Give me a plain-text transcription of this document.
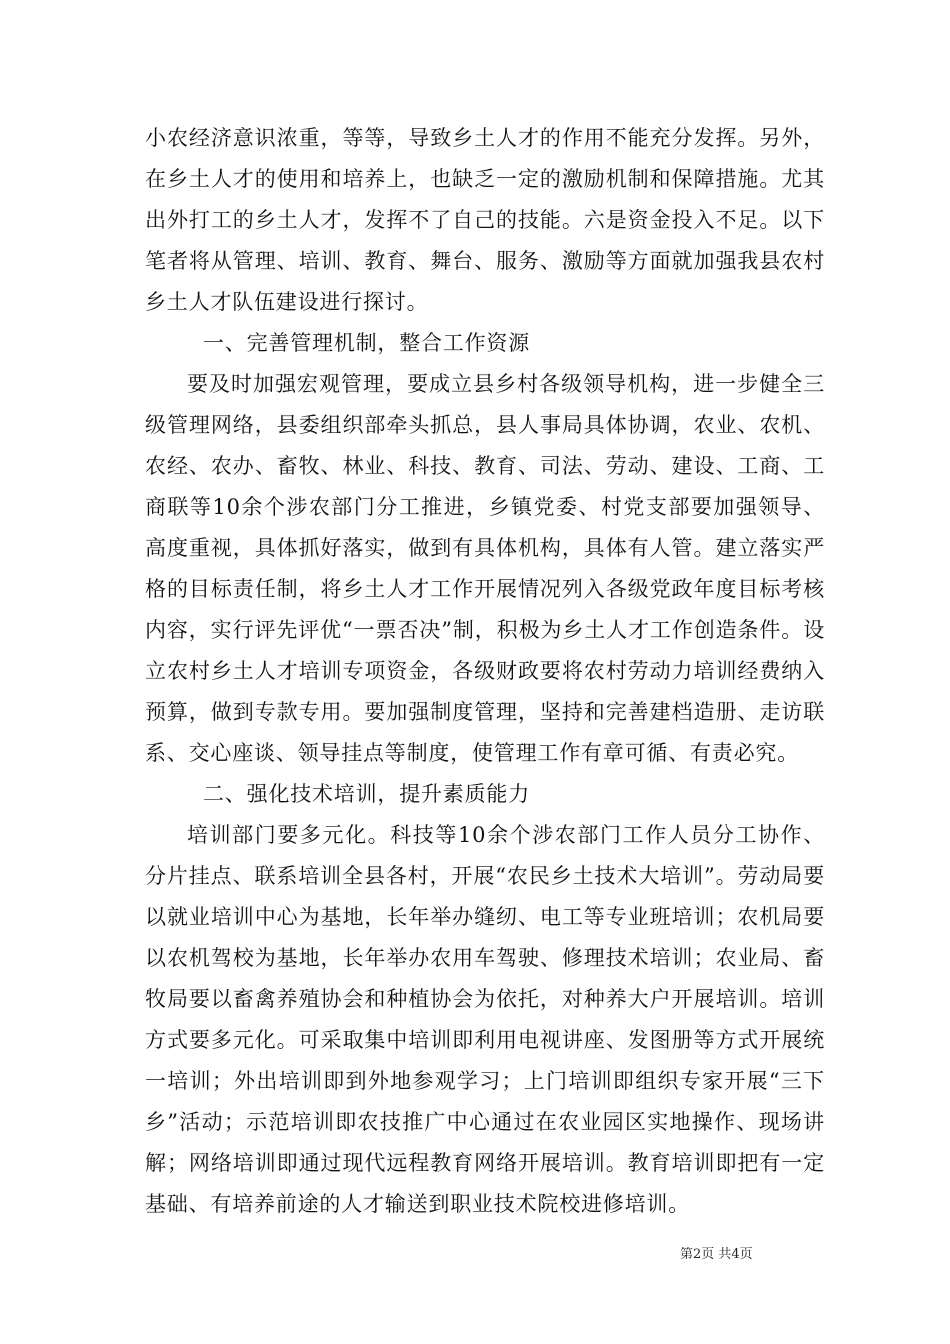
小农经济意识浓重，等等，导致乡土人才的作用不能充分发挥。另外，在乡土人才的使用和培养上，也缺乏一定的激励机制和保障措施。尤其出外打工的乡土人才，发挥不了自己的技能。六是资金投入不足。以下笔者将从管理、培训、教育、舞台、服务、激励等方面就加强我县农村乡土人才队伍建设进行探讨。

一、完善管理机制，整合工作资源

要及时加强宏观管理，要成立县乡村各级领导机构，进一步健全三级管理网络，县委组织部牵头抓总，县人事局具体协调，农业、农机、农经、农办、畜牧、林业、科技、教育、司法、劳动、建设、工商、工商联等10余个涉农部门分工推进，乡镇党委、村党支部要加强领导、高度重视，具体抓好落实，做到有具体机构，具体有人管。建立落实严格的目标责任制，将乡土人才工作开展情况列入各级党政年度目标考核内容，实行评先评优“一票否决”制，积极为乡土人才工作创造条件。设立农村乡土人才培训专项资金，各级财政要将农村劳动力培训经费纳入预算，做到专款专用。要加强制度管理，坚持和完善建档造册、走访联系、交心座谈、领导挂点等制度，使管理工作有章可循、有责必究。

二、强化技术培训，提升素质能力

培训部门要多元化。科技等10余个涉农部门工作人员分工协作、分片挂点、联系培训全县各村，开展“农民乡土技术大培训”。劳动局要以就业培训中心为基地，长年举办缝纫、电工等专业班培训；农机局要以农机驾校为基地，长年举办农用车驾驶、修理技术培训；农业局、畜牧局要以畜禽养殖协会和种植协会为依托，对种养大户开展培训。培训方式要多元化。可采取集中培训即利用电视讲座、发图册等方式开展统一培训；外出培训即到外地参观学习；上门培训即组织专家开展“三下乡”活动；示范培训即农技推广中心通过在农业园区实地操作、现场讲解；网络培训即通过现代远程教育网络开展培训。教育培训即把有一定基础、有培养前途的人才输送到职业技术院校进修培训。

第2页 共4页
